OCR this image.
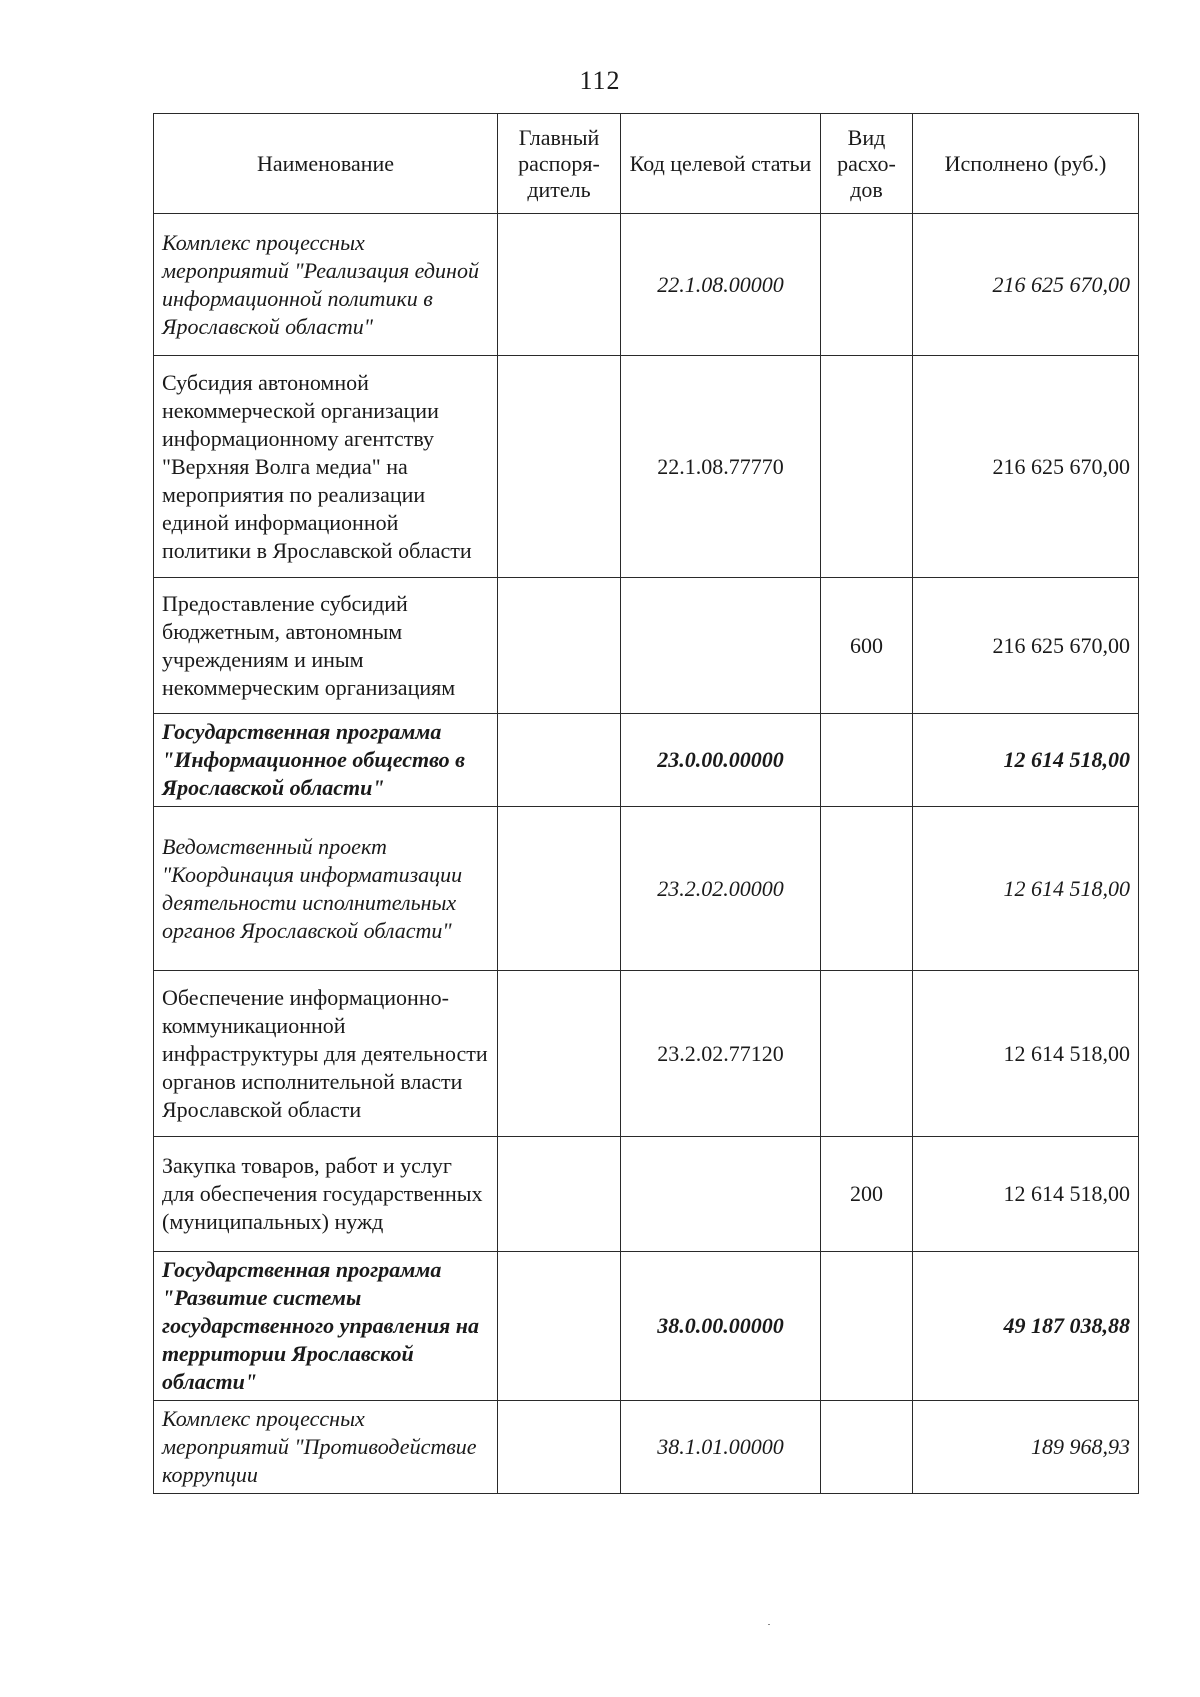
112
Наименование	Главный распоря-дитель	Код целевой статьи	Вид расхо-дов	Исполнено (руб.)
Комплекс процессных мероприятий "Реализация единой информационной политики в Ярославской области"		22.1.08.00000		216 625 670,00
Субсидия автономной некоммерческой организации информационному агентству "Верхняя Волга медиа" на мероприятия по реализации единой информационной политики в Ярославской области		22.1.08.77770		216 625 670,00
Предоставление субсидий бюджетным, автономным учреждениям и иным некоммерческим организациям			600	216 625 670,00
Государственная программа "Информационное общество в Ярославской области"		23.0.00.00000		12 614 518,00
Ведомственный проект "Координация информатизации деятельности исполнительных органов Ярославской области"		23.2.02.00000		12 614 518,00
Обеспечение информационно-коммуникационной инфраструктуры для деятельности органов исполнительной власти Ярославской области		23.2.02.77120		12 614 518,00
Закупка товаров, работ и услуг для обеспечения государственных (муниципальных) нужд			200	12 614 518,00
Государственная программа "Развитие системы государственного управления на территории Ярославской области"		38.0.00.00000		49 187 038,88
Комплекс процессных мероприятий "Противодействие коррупции		38.1.01.00000		189 968,93
